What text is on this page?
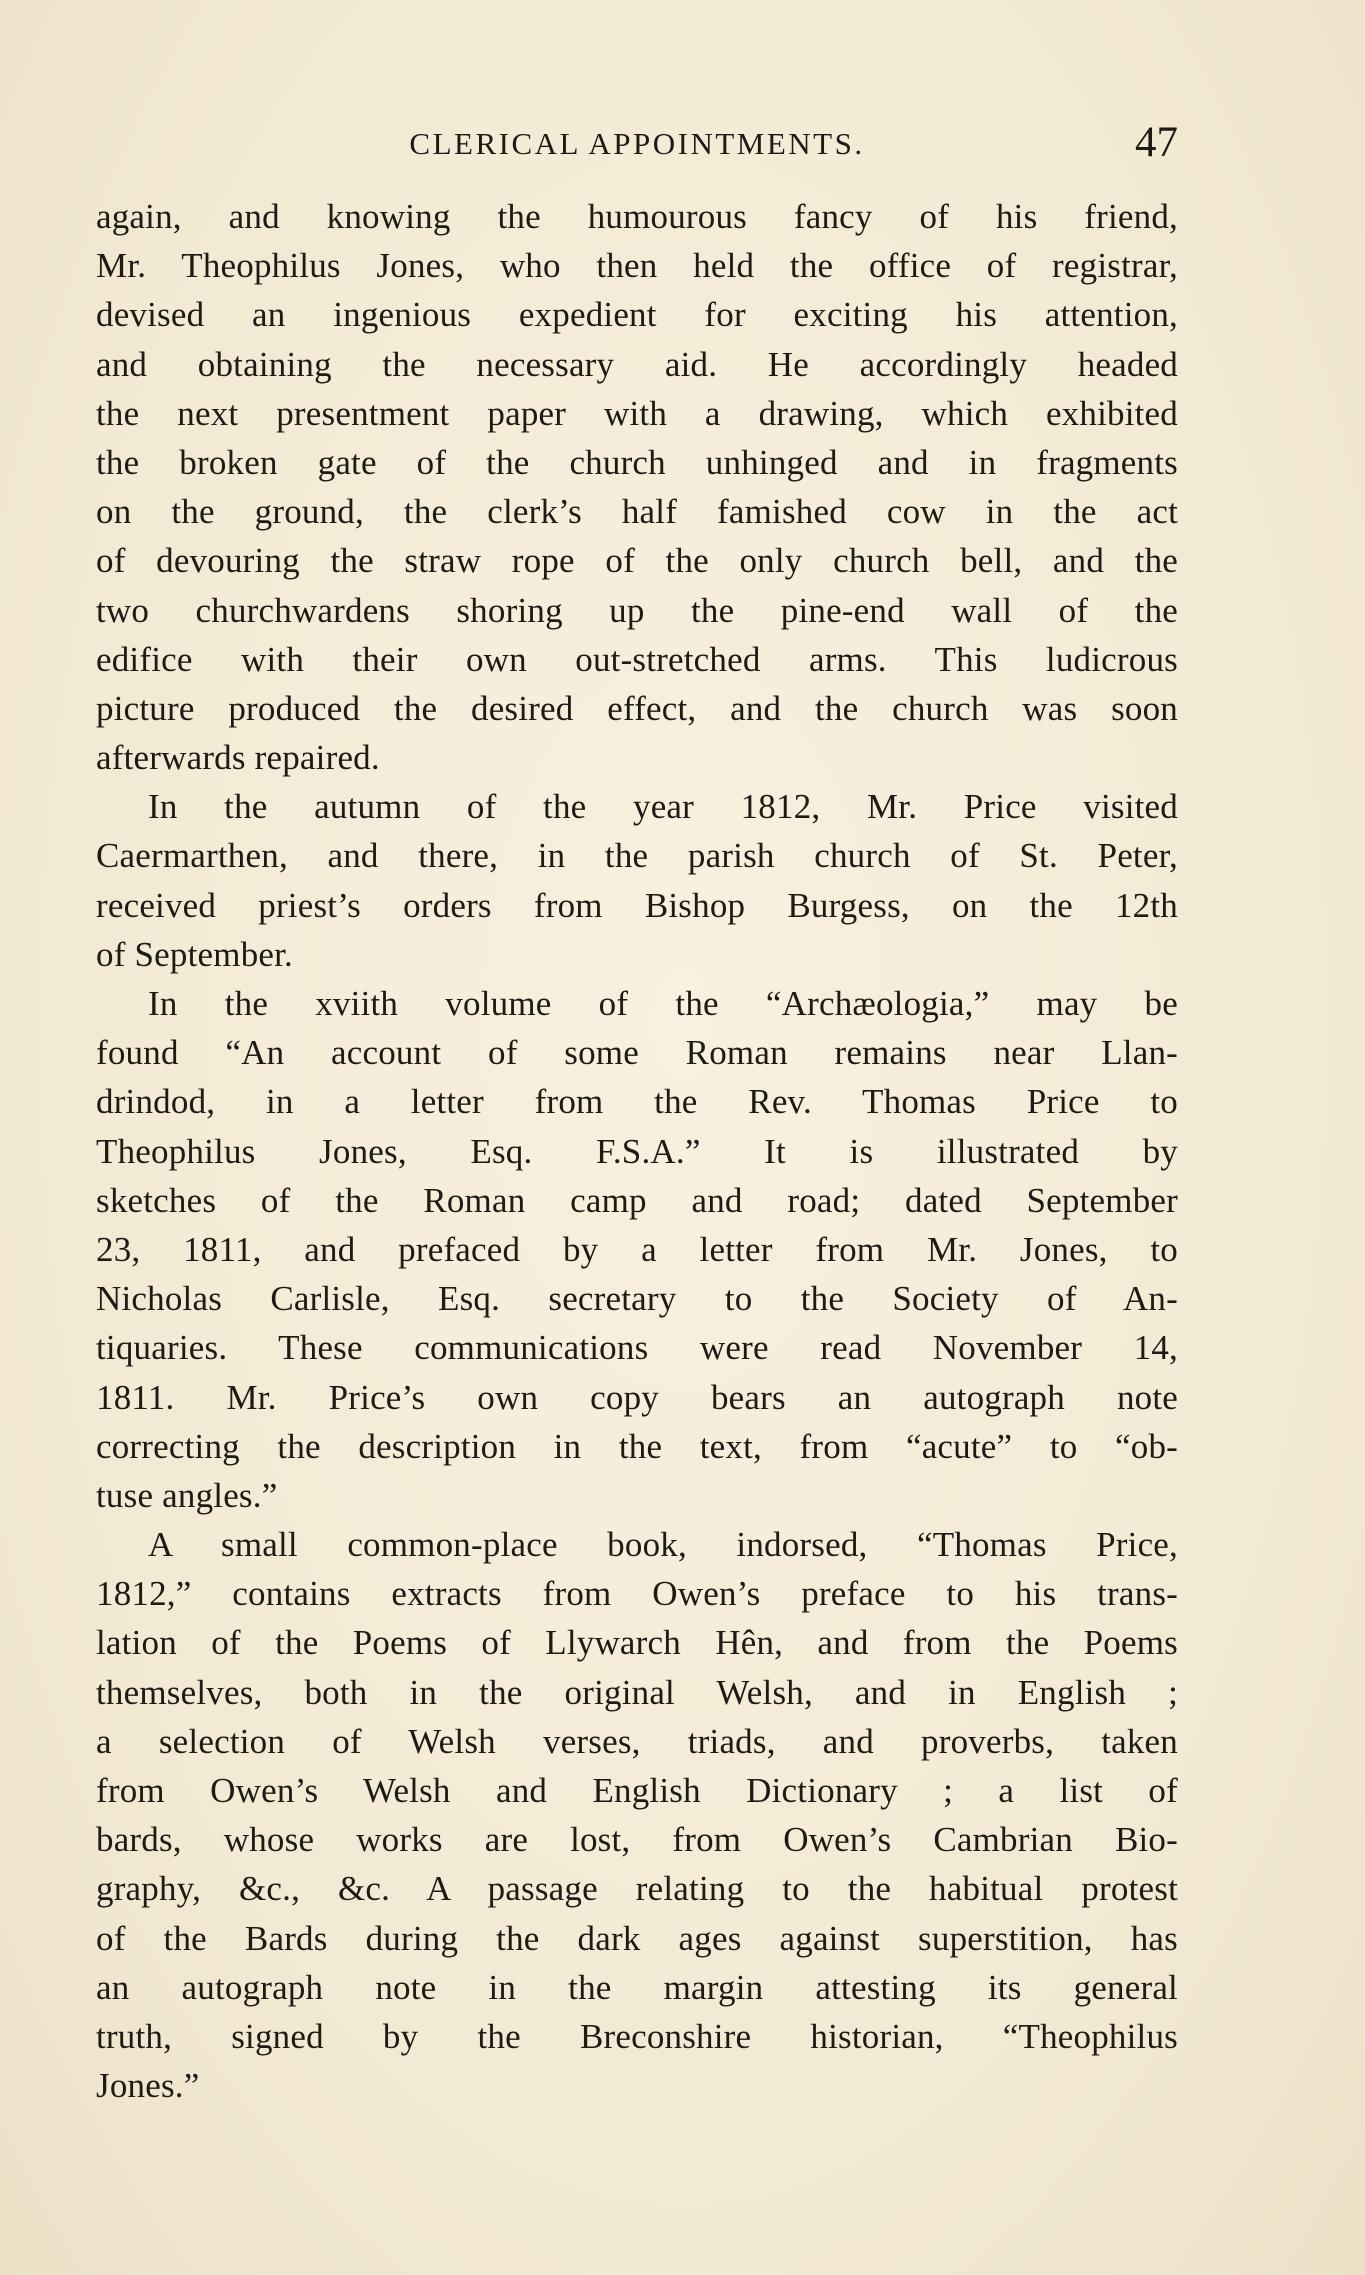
CLERICAL APPOINTMENTS.	47
again, and knowing the humourous fancy of his friend,
Mr. Theophilus Jones, who then held the office of registrar,
devised an ingenious expedient for exciting his attention,
and obtaining the necessary aid. He accordingly headed
the next presentment paper with a drawing, which exhibited
the broken gate of the church unhinged and in fragments
on the ground, the clerk’s half famished cow in the act
of devouring the straw rope of the only church bell, and the
two churchwardens shoring up the pine-end wall of the
edifice with their own out-stretched arms. This ludicrous
picture produced the desired effect, and the church was soon
afterwards repaired.
In the autumn of the year 1812, Mr. Price visited
Caermarthen, and there, in the parish church of St. Peter,
received priest’s orders from Bishop Burgess, on the 12th
of September.
In the xviith volume of the “Archæologia,” may be
found “An account of some Roman remains near Llan-
drindod, in a letter from the Rev. Thomas Price to
Theophilus Jones, Esq. F.S.A.” It is illustrated by
sketches of the Roman camp and road; dated September
23, 1811, and prefaced by a letter from Mr. Jones, to
Nicholas Carlisle, Esq. secretary to the Society of An-
tiquaries. These communications were read November 14,
1811. Mr. Price’s own copy bears an autograph note
correcting the description in the text, from “acute” to “ob-
tuse angles.”
A small common-place book, indorsed, “Thomas Price,
1812,” contains extracts from Owen’s preface to his trans-
lation of the Poems of Llywarch Hên, and from the Poems
themselves, both in the original Welsh, and in English ;
a selection of Welsh verses, triads, and proverbs, taken
from Owen’s Welsh and English Dictionary ; a list of
bards, whose works are lost, from Owen’s Cambrian Bio-
graphy, &c., &c. A passage relating to the habitual protest
of the Bards during the dark ages against superstition, has
an autograph note in the margin attesting its general
truth, signed by the Breconshire historian, “Theophilus
Jones.”
